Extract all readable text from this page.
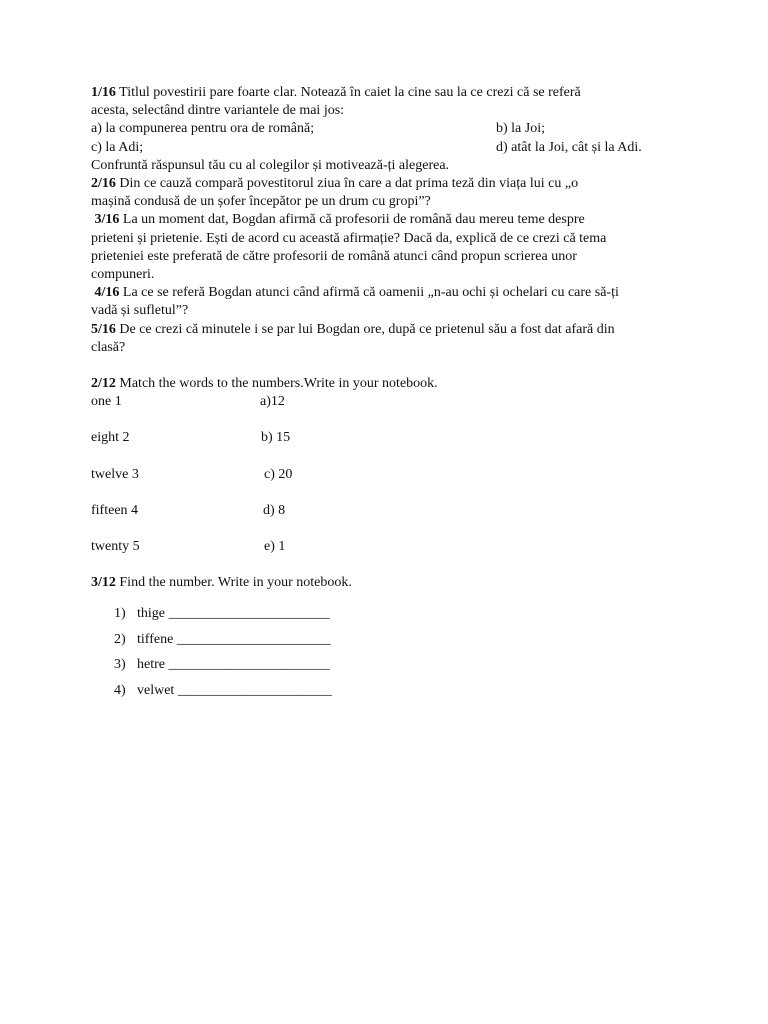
1/16 Titlul povestirii pare foarte clar. Notează în caiet la cine sau la ce crezi că se referă
acesta, selectând dintre variantele de mai jos:
a) la compunerea pentru ora de română;	b) la Joi;
c) la Adi;	d) atât la Joi, cât și la Adi.
Confruntă răspunsul tău cu al colegilor și motivează-ți alegerea.
2/16 Din ce cauză compară povestitorul ziua în care a dat prima teză din viața lui cu „o
mașină condusă de un șofer începător pe un drum cu gropi”?
3/16 La un moment dat, Bogdan afirmă că profesorii de română dau mereu teme despre
prieteni și prietenie. Ești de acord cu această afirmație? Dacă da, explică de ce crezi că tema
prieteniei este preferată de către profesorii de română atunci când propun scrierea unor
compuneri.
4/16 La ce se referă Bogdan atunci când afirmă că oamenii „n-au ochi și ochelari cu care să-ți
vadă și sufletul”?
5/16 De ce crezi că minutele i se par lui Bogdan ore, după ce prietenul său a fost dat afară din
clasă?
2/12 Match the words to the numbers.Write in your notebook.
one 1	a)12
eight 2	b) 15
twelve 3	c) 20
fifteen 4	d) 8
twenty 5	e) 1
3/12 Find the number. Write in your notebook.
1) thige _______________________
2) tiffene ______________________
3) hetre _______________________
4) velwet ______________________
